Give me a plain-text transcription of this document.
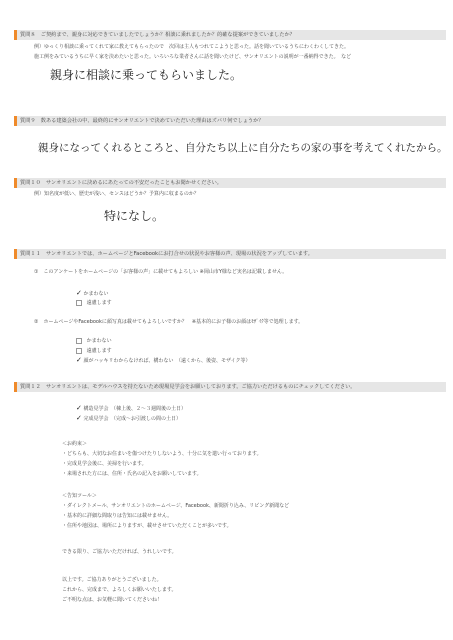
質問８　ご契約まで、親身に対応できていましたでしょうか？相談に乗れましたか？的確な提案ができていましたか？
例）ゆっくり相談に乗ってくれて家に教えてもらったので　次回は主人もつれてこようと思った。話を聞いているうちにわくわくしてきた。
施工例をみているうちに早く家を決めたいと思った。いろいろな業者さんに話を聞いたけど、サンオリエントの説明が一番納得できた。　など
親身に相談に乗ってもらいました。
質問９　数ある建築会社の中、最終的にサンオリエントで決めていただいた理由はズバリ何でしょうか？
親身になってくれるところと、自分たち以上に自分たちの家の事を考えてくれたから。
質問１０　サンオリエントに決めるにあたっての不安だったこともお聞かせください。
例）知名度が低い、歴史が浅い、センスはどうか？予算内に収まるのか？
特になし。
質問１１　サンオリエントでは、ホームページとFacebookにお打合せの状況やお客様の声、現場の状況をアップしています。
①　このアンケートをホームページの「お客様の声」に載せてもよろしい ※岡山市Y様など実名は記載しません。
✓ かまわない
遠慮します
②　ホームページやFacebookに顔写真は載せてもよろしいですか？　※基本的にお子様のお顔はﾓｻﾞｲｸ等で処理します。
かまわない
遠慮します
✓ 顔がハッキリわからなければ、構わない　（遠くから、後姿、モザイク等）
質問１２　サンオリエントは、モデルハウスを持たないため現場見学会をお願いしております。ご協力いただけるものにチェックしてください。
✓ 構造見学会　（棟上後、２～３週間後の土日）
✓ 完成見学会　（完成～お引渡しの間の土日）
＜お約束＞
・どちらも、大切なお住まいを傷つけたりしないよう、十分に気を遣い行っております。
・完成見学会後に、美掃を行います。
・来場された方には、住所・氏名の記入をお願いしています。
＜告知ツール＞
・ダイレクトメール、サンオリエントのホームページ、Facebook、新聞折り込み、リビング新聞など
・基本的に詳細な間取りは告知には載せません。
・住所や地図は、場所によりますが、載せさせていただくことが多いです。
できる限り、ご協力いただければ、うれしいです。
以上です。ご協力ありがとうございました。
これから、完成まで、よろしくお願いいたします。
ご不明な点は、お気軽に聞いてくださいね！
